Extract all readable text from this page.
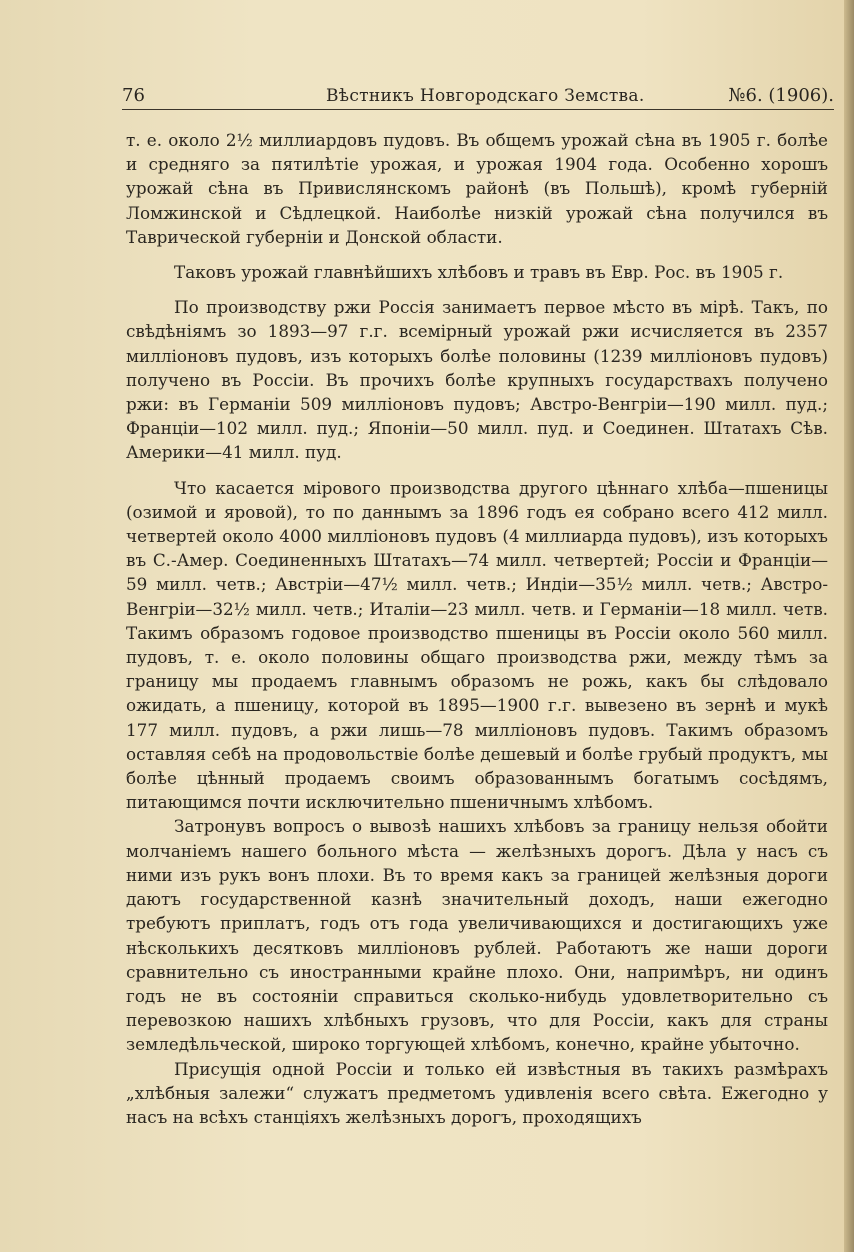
76	Вѣстникъ Новгородскаго Земства.	№6. (1906).

т. е. около 2½ миллиардовъ пудовъ. Въ общемъ урожай сѣна въ 1905 г. болѣе и средняго за пятилѣтіе урожая, и урожая 1904 года. Особенно хорошъ урожай сѣна въ Привислянскомъ районѣ (въ Польшѣ), кромѣ губерній Ломжинской и Сѣдлецкой. Наиболѣе низкій урожай сѣна получился въ Таврической губерніи и Донской области.

Таковъ урожай главнѣйшихъ хлѣбовъ и травъ въ Евр. Рос. въ 1905 г.

По производству ржи Россія занимаетъ первое мѣсто въ мірѣ. Такъ, по свѣдѣніямъ зо 1893—97 г.г. всемірный урожай ржи исчисляется въ 2357 милліоновъ пудовъ, изъ которыхъ болѣе половины (1239 милліоновъ пудовъ) получено въ Россіи. Въ прочихъ болѣе крупныхъ государствахъ получено ржи: въ Германіи 509 милліоновъ пудовъ; Австро-Венгріи—190 милл. пуд.; Франціи—102 милл. пуд.; Японіи—50 милл. пуд. и Соединен. Штатахъ Сѣв. Америки—41 милл. пуд.

Что касается мірового производства другого цѣннаго хлѣба—пшеницы (озимой и яровой), то по даннымъ за 1896 годъ ея собрано всего 412 милл. четвертей около 4000 милліоновъ пудовъ (4 миллиарда пудовъ), изъ которыхъ въ С.-Амер. Соединенныхъ Штатахъ—74 милл. четвертей; Россіи и Франціи—59 милл. четв.; Австріи—47½ милл. четв.; Индіи—35½ милл. четв.; Австро-Венгріи—32½ милл. четв.; Италіи—23 милл. четв. и Германіи—18 милл. четв. Такимъ образомъ годовое производство пшеницы въ Россіи около 560 милл. пудовъ, т. е. около половины общаго производства ржи, между тѣмъ за границу мы продаемъ главнымъ образомъ не рожь, какъ бы слѣдовало ожидать, а пшеницу, которой въ 1895—1900 г.г. вывезено въ зернѣ и мукѣ 177 милл. пудовъ, а ржи лишь—78 милліоновъ пудовъ. Такимъ образомъ оставляя себѣ на продовольствіе болѣе дешевый и болѣе грубый продуктъ, мы болѣе цѣнный продаемъ своимъ образованнымъ богатымъ сосѣдямъ, питающимся почти исключительно пшеничнымъ хлѣбомъ.

Затронувъ вопросъ о вывозѣ нашихъ хлѣбовъ за границу нельзя обойти молчаніемъ нашего больного мѣста — желѣзныхъ дорогъ. Дѣла у насъ съ ними изъ рукъ вонъ плохи. Въ то время какъ за границей желѣзныя дороги даютъ государственной казнѣ значительный доходъ, наши ежегодно требуютъ приплатъ, годъ отъ года увеличивающихся и достигающихъ уже нѣсколькихъ десятковъ милліоновъ рублей. Работаютъ же наши дороги сравнительно съ иностранными крайне плохо. Они, напримѣръ, ни одинъ годъ не въ состояніи справиться сколько-нибудь удовлетворительно съ перевозкою нашихъ хлѣбныхъ грузовъ, что для Россіи, какъ для страны земледѣльческой, широко торгующей хлѣбомъ, конечно, крайне убыточно.

Присущія одной Россіи и только ей извѣстныя въ такихъ размѣрахъ „хлѣбныя залежи“ служатъ предметомъ удивленія всего свѣта. Ежегодно у насъ на всѣхъ станціяхъ желѣзныхъ дорогъ, проходящихъ
